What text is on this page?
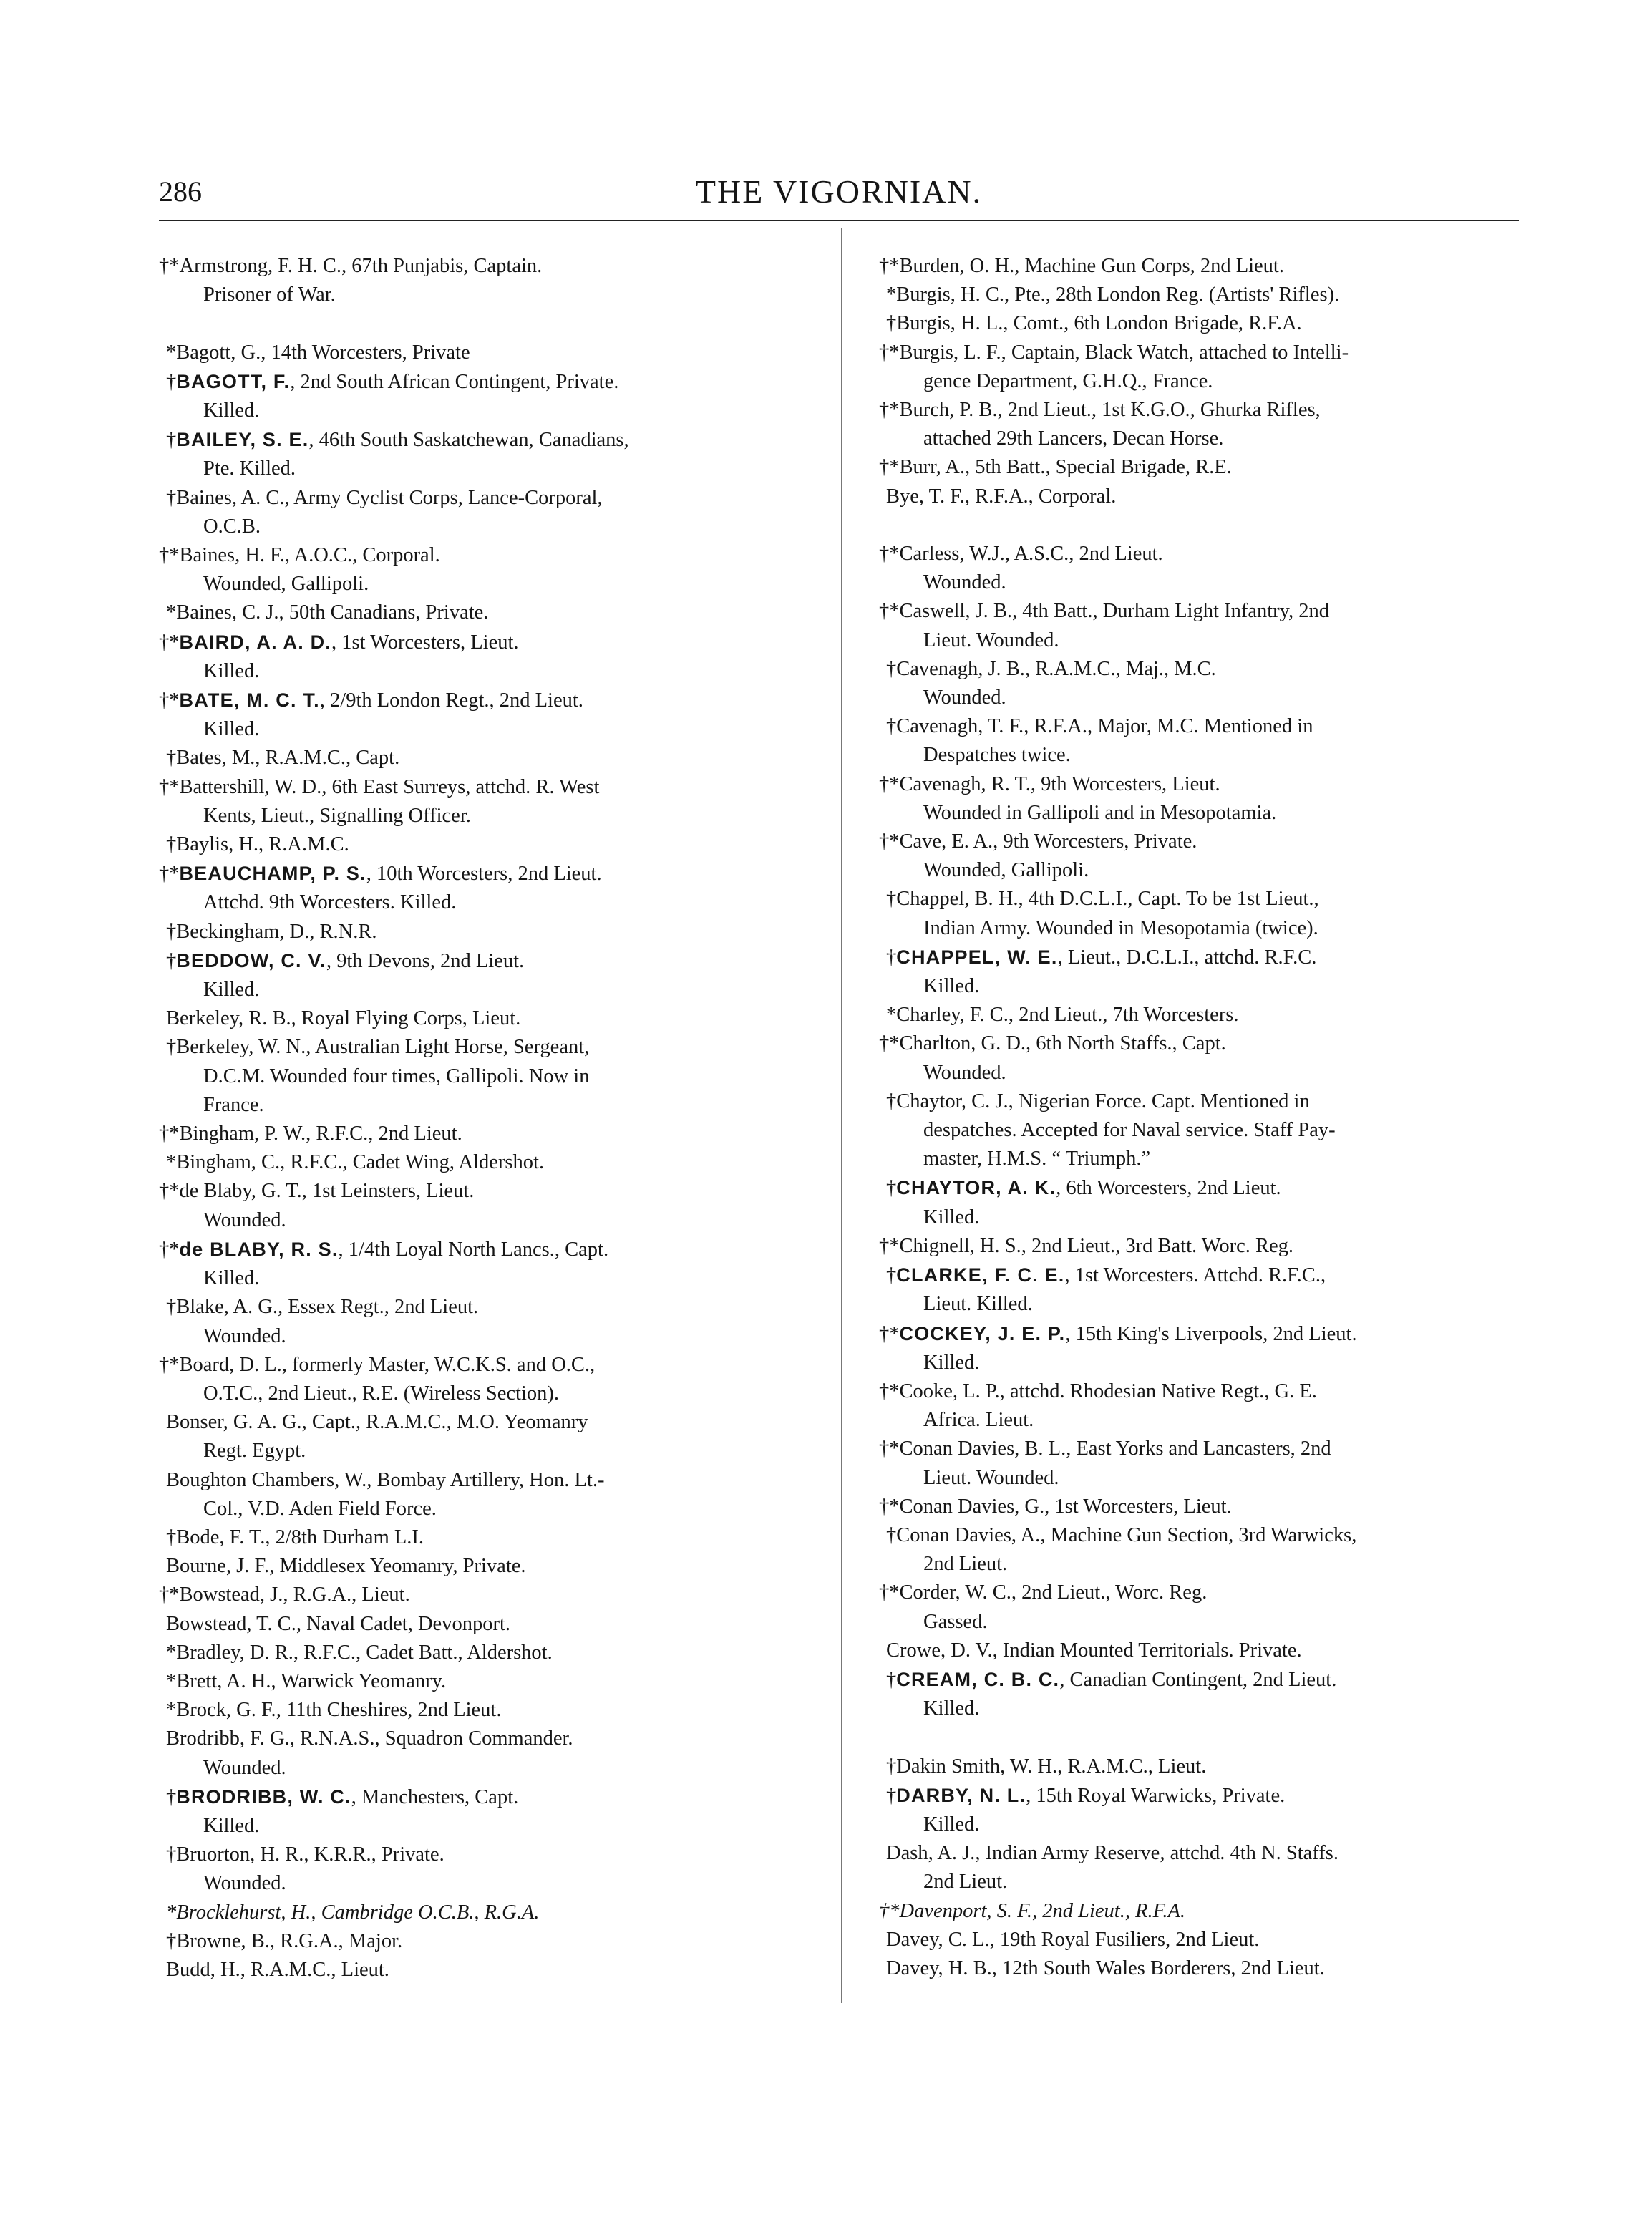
286	THE VIGORNIAN.
†*Armstrong, F. H. C., 67th Punjabis, Captain.
Prisoner of War.
*Bagott, G., 14th Worcesters, Private
†BAGOTT, F., 2nd South African Contingent, Private.
Killed.
†BAILEY, S. E., 46th South Saskatchewan, Canadians,
Pte. Killed.
†Baines, A. C., Army Cyclist Corps, Lance-Corporal,
O.C.B.
†*Baines, H. F., A.O.C., Corporal.
Wounded, Gallipoli.
*Baines, C. J., 50th Canadians, Private.
†*BAIRD, A. A. D., 1st Worcesters, Lieut.
Killed.
†*BATE, M. C. T., 2/9th London Regt., 2nd Lieut.
Killed.
†Bates, M., R.A.M.C., Capt.
†*Battershill, W. D., 6th East Surreys, attchd. R. West
Kents, Lieut., Signalling Officer.
†Baylis, H., R.A.M.C.
†*BEAUCHAMP, P. S., 10th Worcesters, 2nd Lieut.
Attchd. 9th Worcesters. Killed.
†Beckingham, D., R.N.R.
†BEDDOW, C. V., 9th Devons, 2nd Lieut.
Killed.
Berkeley, R. B., Royal Flying Corps, Lieut.
†Berkeley, W. N., Australian Light Horse, Sergeant,
D.C.M. Wounded four times, Gallipoli. Now in
France.
†*Bingham, P. W., R.F.C., 2nd Lieut.
*Bingham, C., R.F.C., Cadet Wing, Aldershot.
†*de Blaby, G. T., 1st Leinsters, Lieut.
Wounded.
†*de BLABY, R. S., 1/4th Loyal North Lancs., Capt.
Killed.
†Blake, A. G., Essex Regt., 2nd Lieut.
Wounded.
†*Board, D. L., formerly Master, W.C.K.S. and O.C.,
O.T.C., 2nd Lieut., R.E. (Wireless Section).
Bonser, G. A. G., Capt., R.A.M.C., M.O. Yeomanry
Regt. Egypt.
Boughton Chambers, W., Bombay Artillery, Hon. Lt.-
Col., V.D. Aden Field Force.
†Bode, F. T., 2/8th Durham L.I.
Bourne, J. F., Middlesex Yeomanry, Private.
†*Bowstead, J., R.G.A., Lieut.
Bowstead, T. C., Naval Cadet, Devonport.
*Bradley, D. R., R.F.C., Cadet Batt., Aldershot.
*Brett, A. H., Warwick Yeomanry.
*Brock, G. F., 11th Cheshires, 2nd Lieut.
Brodribb, F. G., R.N.A.S., Squadron Commander.
Wounded.
†BRODRIBB, W. C., Manchesters, Capt.
Killed.
†Bruorton, H. R., K.R.R., Private.
Wounded.
*Brocklehurst, H., Cambridge O.C.B., R.G.A.
†Browne, B., R.G.A., Major.
Budd, H., R.A.M.C., Lieut.
†*Burden, O. H., Machine Gun Corps, 2nd Lieut.
*Burgis, H. C., Pte., 28th London Reg. (Artists' Rifles).
†Burgis, H. L., Comt., 6th London Brigade, R.F.A.
†*Burgis, L. F., Captain, Black Watch, attached to Intelli-
gence Department, G.H.Q., France.
†*Burch, P. B., 2nd Lieut., 1st K.G.O., Ghurka Rifles,
attached 29th Lancers, Decan Horse.
†*Burr, A., 5th Batt., Special Brigade, R.E.
Bye, T. F., R.F.A., Corporal.
†*Carless, W.J., A.S.C., 2nd Lieut.
Wounded.
†*Caswell, J. B., 4th Batt., Durham Light Infantry, 2nd
Lieut. Wounded.
†Cavenagh, J. B., R.A.M.C., Maj., M.C.
Wounded.
†Cavenagh, T. F., R.F.A., Major, M.C. Mentioned in
Despatches twice.
†*Cavenagh, R. T., 9th Worcesters, Lieut.
Wounded in Gallipoli and in Mesopotamia.
†*Cave, E. A., 9th Worcesters, Private.
Wounded, Gallipoli.
†Chappel, B. H., 4th D.C.L.I., Capt. To be 1st Lieut.,
Indian Army. Wounded in Mesopotamia (twice).
†CHAPPEL, W. E., Lieut., D.C.L.I., attchd. R.F.C.
Killed.
*Charley, F. C., 2nd Lieut., 7th Worcesters.
†*Charlton, G. D., 6th North Staffs., Capt.
Wounded.
†Chaytor, C. J., Nigerian Force. Capt. Mentioned in
despatches. Accepted for Naval service. Staff Pay-
master, H.M.S. “ Triumph.”
†CHAYTOR, A. K., 6th Worcesters, 2nd Lieut.
Killed.
†*Chignell, H. S., 2nd Lieut., 3rd Batt. Worc. Reg.
†CLARKE, F. C. E., 1st Worcesters. Attchd. R.F.C.,
Lieut. Killed.
†*COCKEY, J. E. P., 15th King's Liverpools, 2nd Lieut.
Killed.
†*Cooke, L. P., attchd. Rhodesian Native Regt., G. E.
Africa. Lieut.
†*Conan Davies, B. L., East Yorks and Lancasters, 2nd
Lieut. Wounded.
†*Conan Davies, G., 1st Worcesters, Lieut.
†Conan Davies, A., Machine Gun Section, 3rd Warwicks,
2nd Lieut.
†*Corder, W. C., 2nd Lieut., Worc. Reg.
Gassed.
Crowe, D. V., Indian Mounted Territorials. Private.
†CREAM, C. B. C., Canadian Contingent, 2nd Lieut.
Killed.
†Dakin Smith, W. H., R.A.M.C., Lieut.
†DARBY, N. L., 15th Royal Warwicks, Private.
Killed.
Dash, A. J., Indian Army Reserve, attchd. 4th N. Staffs.
2nd Lieut.
†*Davenport, S. F., 2nd Lieut., R.F.A.
Davey, C. L., 19th Royal Fusiliers, 2nd Lieut.
Davey, H. B., 12th South Wales Borderers, 2nd Lieut.
